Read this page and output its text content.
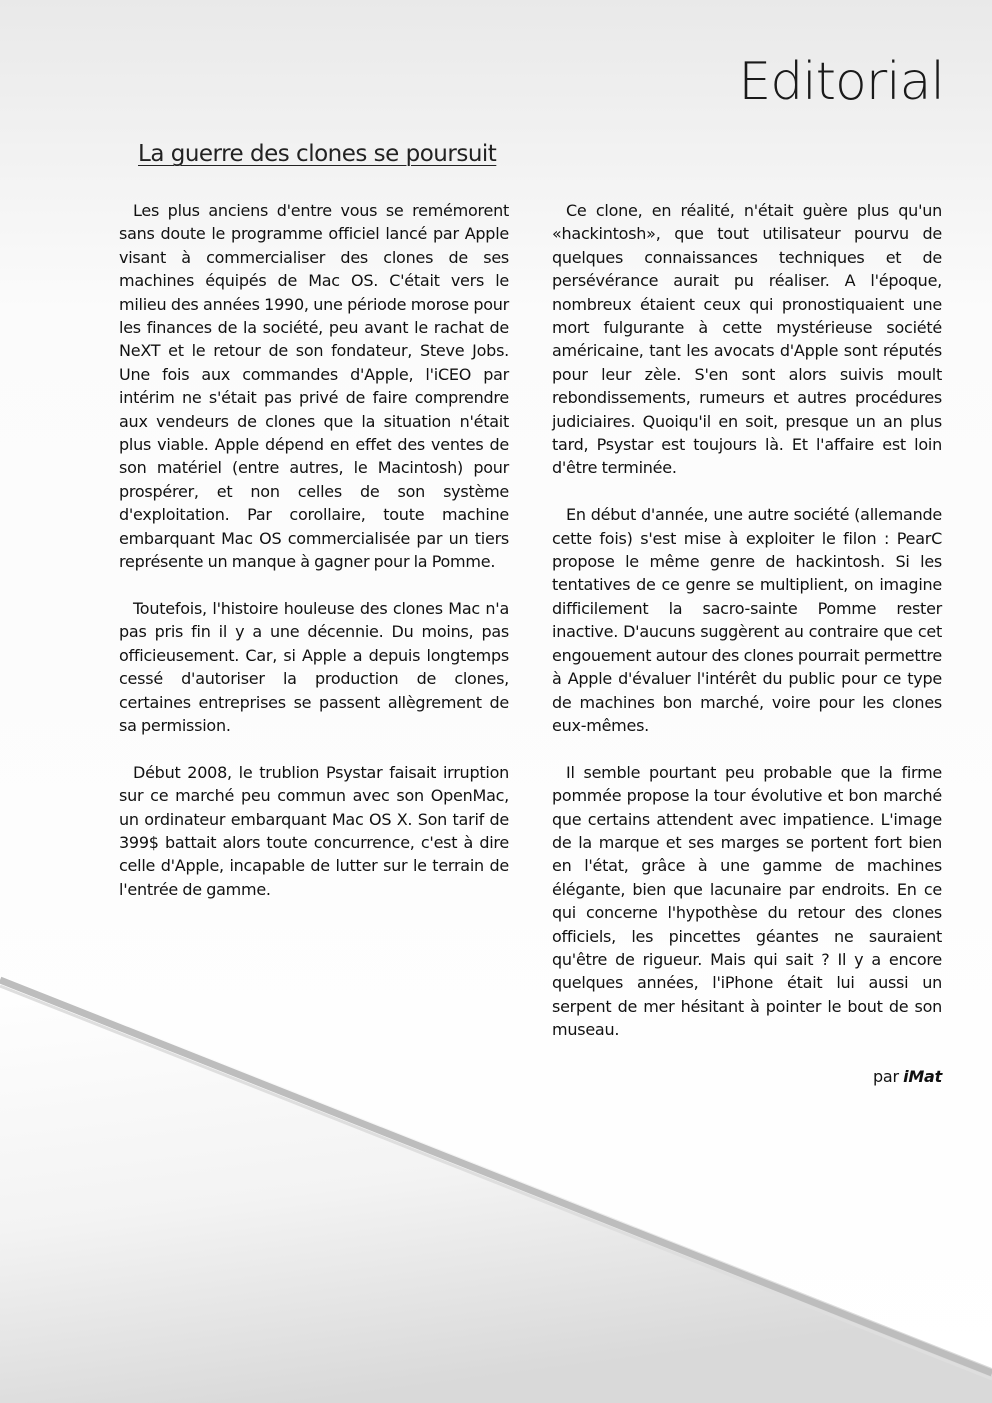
Editorial
La guerre des clones se poursuit

Les plus anciens d'entre vous se remémorent sans doute le programme officiel lancé par Apple visant à commercialiser des clones de ses machines équipés de Mac OS. C'était vers le milieu des années 1990, une période morose pour les finances de la société, peu avant le rachat de NeXT et le retour de son fondateur, Steve Jobs. Une fois aux commandes d'Apple, l'iCEO par intérim ne s'était pas privé de faire comprendre aux vendeurs de clones que la situation n'était plus viable. Apple dépend en effet des ventes de son matériel (entre autres, le Macintosh) pour prospérer, et non celles de son système d'exploitation. Par corollaire, toute machine embarquant Mac OS commercialisée par un tiers représente un manque à gagner pour la Pomme.

Toutefois, l'histoire houleuse des clones Mac n'a pas pris fin il y a une décennie. Du moins, pas officieusement. Car, si Apple a depuis longtemps cessé d'autoriser la production de clones, certaines entreprises se passent allègrement de sa permission.

Début 2008, le trublion Psystar faisait irruption sur ce marché peu commun avec son OpenMac, un ordinateur embarquant Mac OS X. Son tarif de 399$ battait alors toute concurrence, c'est à dire celle d'Apple, incapable de lutter sur le terrain de l'entrée de gamme.

Ce clone, en réalité, n'était guère plus qu'un «hackintosh», que tout utilisateur pourvu de quelques connaissances techniques et de persévérance aurait pu réaliser. A l'époque, nombreux étaient ceux qui pronostiquaient une mort fulgurante à cette mystérieuse société américaine, tant les avocats d'Apple sont réputés pour leur zèle. S'en sont alors suivis moult rebondissements, rumeurs et autres procédures judiciaires. Quoiqu'il en soit, presque un an plus tard, Psystar est toujours là. Et l'affaire est loin d'être terminée.

En début d'année, une autre société (allemande cette fois) s'est mise à exploiter le filon : PearC propose le même genre de hackintosh. Si les tentatives de ce genre se multiplient, on imagine difficilement la sacro-sainte Pomme rester inactive. D'aucuns suggèrent au contraire que cet engouement autour des clones pourrait permettre à Apple d'évaluer l'intérêt du public pour ce type de machines bon marché, voire pour les clones eux-mêmes.

Il semble pourtant peu probable que la firme pommée propose la tour évolutive et bon marché que certains attendent avec impatience. L'image de la marque et ses marges se portent fort bien en l'état, grâce à une gamme de machines élégante, bien que lacunaire par endroits. En ce qui concerne l'hypothèse du retour des clones officiels, les pincettes géantes ne sauraient qu'être de rigueur. Mais qui sait ? Il y a encore quelques années, l'iPhone était lui aussi un serpent de mer hésitant à pointer le bout de son museau.

par iMat
